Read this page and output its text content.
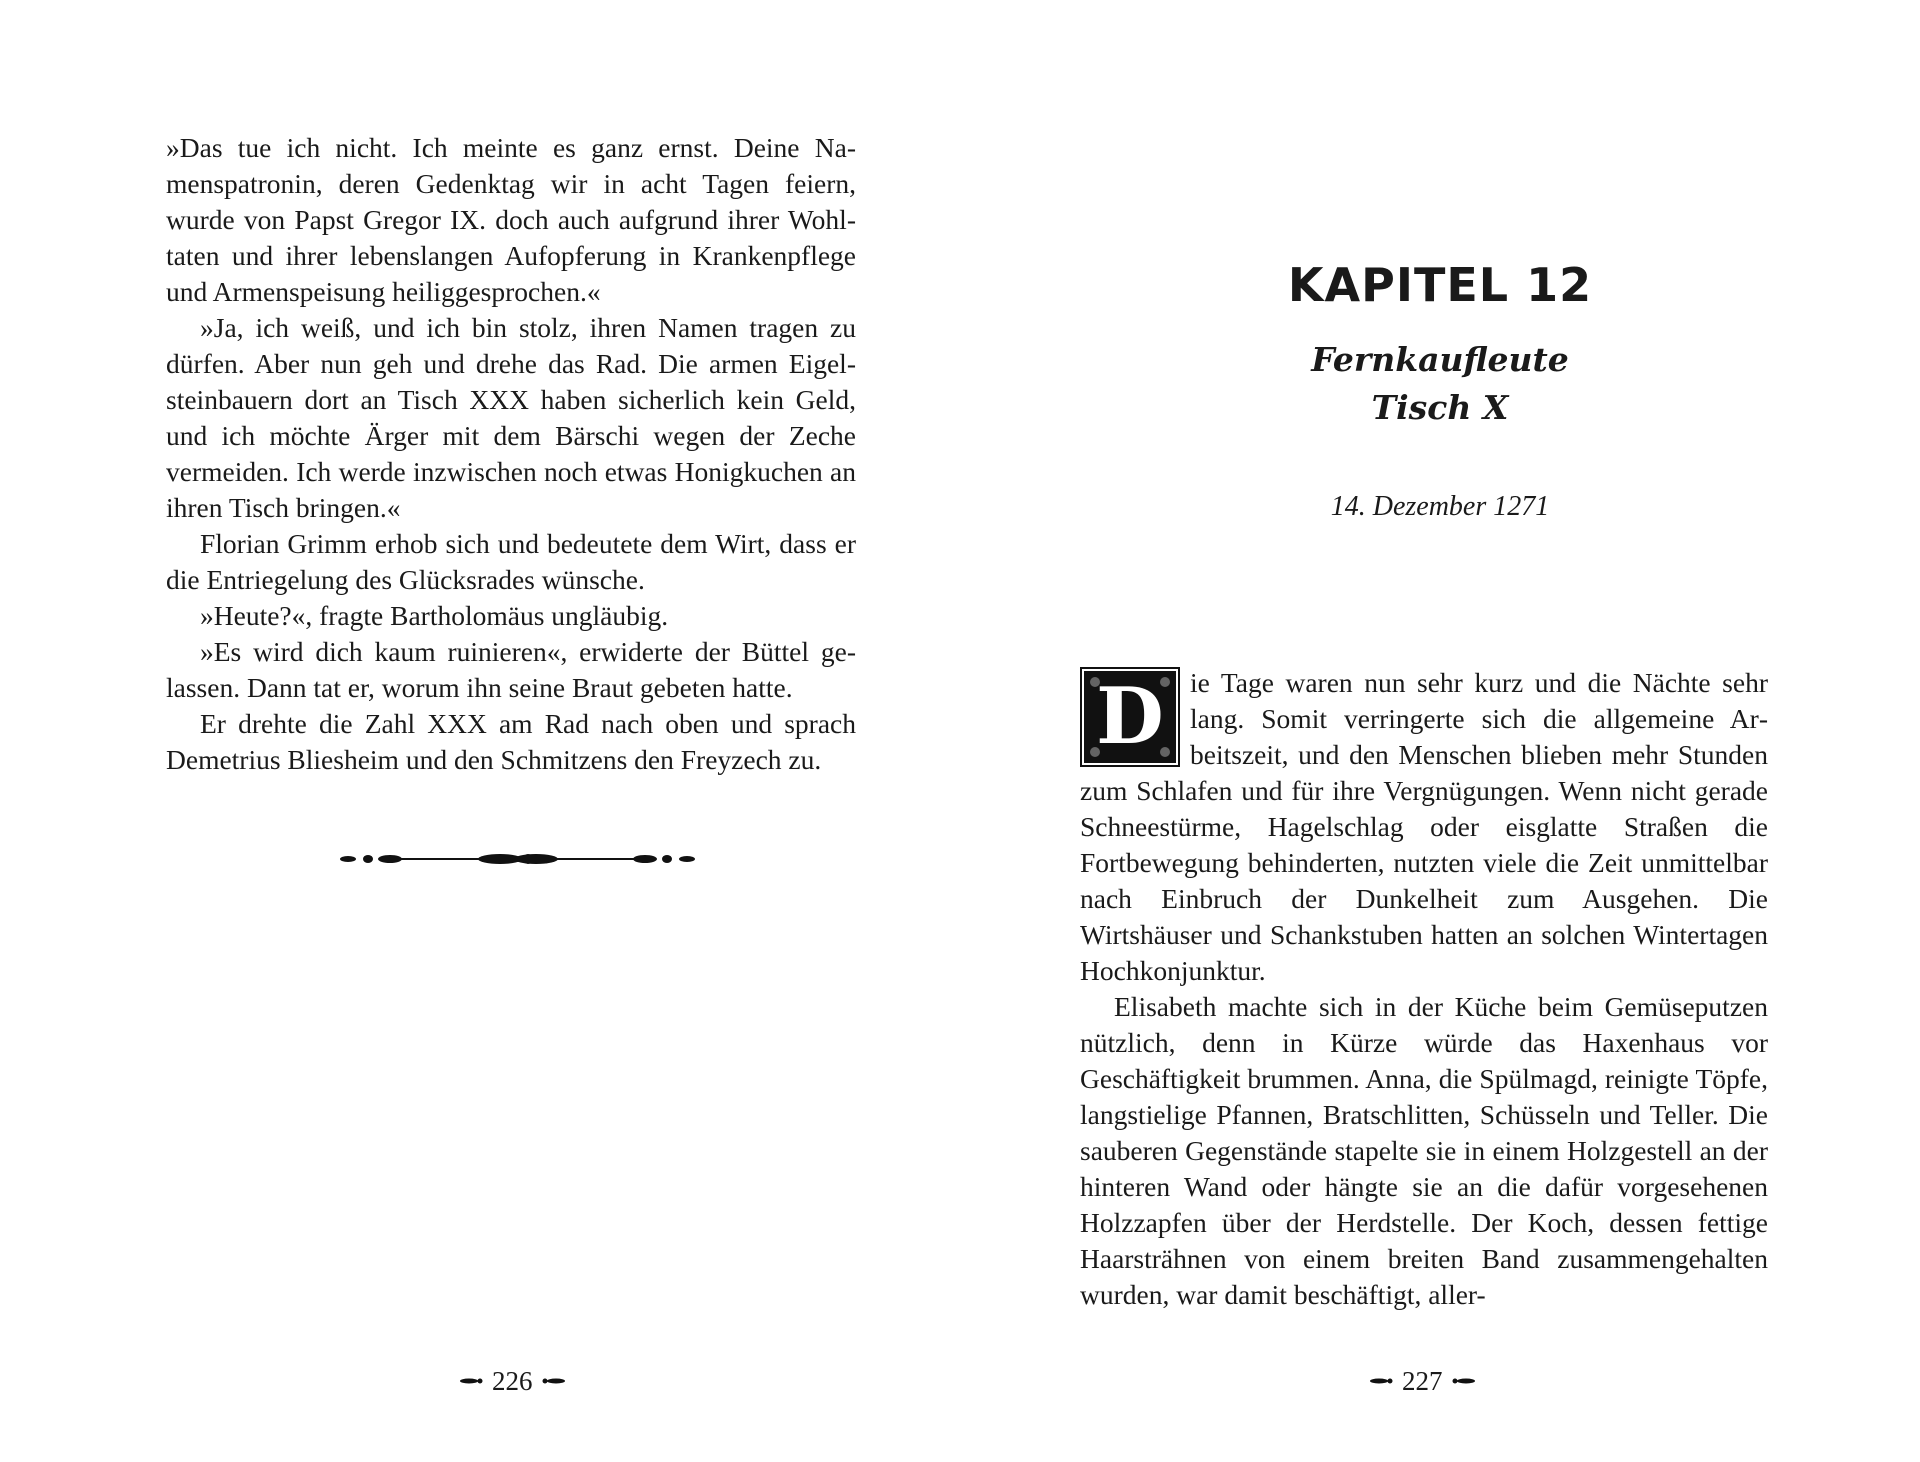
»Das tue ich nicht. Ich meinte es ganz ernst. Deine Namenspatronin, deren Gedenktag wir in acht Tagen feiern, wurde von Papst Gregor IX. doch auch aufgrund ihrer Wohltaten und ihrer lebenslangen Aufopferung in Krankenpflege und Armenspeisung heiliggesprochen.«

»Ja, ich weiß, und ich bin stolz, ihren Namen tragen zu dürfen. Aber nun geh und drehe das Rad. Die armen Eigelsteinbauern dort an Tisch XXX haben sicherlich kein Geld, und ich möchte Ärger mit dem Bärschi wegen der Zeche vermeiden. Ich werde inzwischen noch etwas Honigkuchen an ihren Tisch bringen.«

Florian Grimm erhob sich und bedeutete dem Wirt, dass er die Entriegelung des Glücksrades wünsche.

»Heute?«, fragte Bartholomäus ungläubig.

»Es wird dich kaum ruinieren«, erwiderte der Büttel gelassen. Dann tat er, worum ihn seine Braut gebeten hatte.

Er drehte die Zahl XXX am Rad nach oben und sprach Demetrius Bliesheim und den Schmitzens den Freyzech zu.

226
KAPITEL 12
Fernkaufleute
Tisch X
14. Dezember 1271

D ie Tage waren nun sehr kurz und die Nächte sehr lang. Somit verringerte sich die allgemeine Arbeitszeit, und den Menschen blieben mehr Stunden zum Schlafen und für ihre Vergnügungen. Wenn nicht gerade Schneestürme, Hagelschlag oder eisglatte Straßen die Fortbewegung behinderten, nutzten viele die Zeit unmittelbar nach Einbruch der Dunkelheit zum Ausgehen. Die Wirtshäuser und Schankstuben hatten an solchen Wintertagen Hochkonjunktur.

Elisabeth machte sich in der Küche beim Gemüseputzen nützlich, denn in Kürze würde das Haxenhaus vor Geschäftigkeit brummen. Anna, die Spülmagd, reinigte Töpfe, langstielige Pfannen, Bratschlitten, Schüsseln und Teller. Die sauberen Gegenstände stapelte sie in einem Holzgestell an der hinteren Wand oder hängte sie an die dafür vorgesehenen Holzzapfen über der Herdstelle. Der Koch, dessen fettige Haarsträhnen von einem breiten Band zusammengehalten wurden, war damit beschäftigt, aller-

227
